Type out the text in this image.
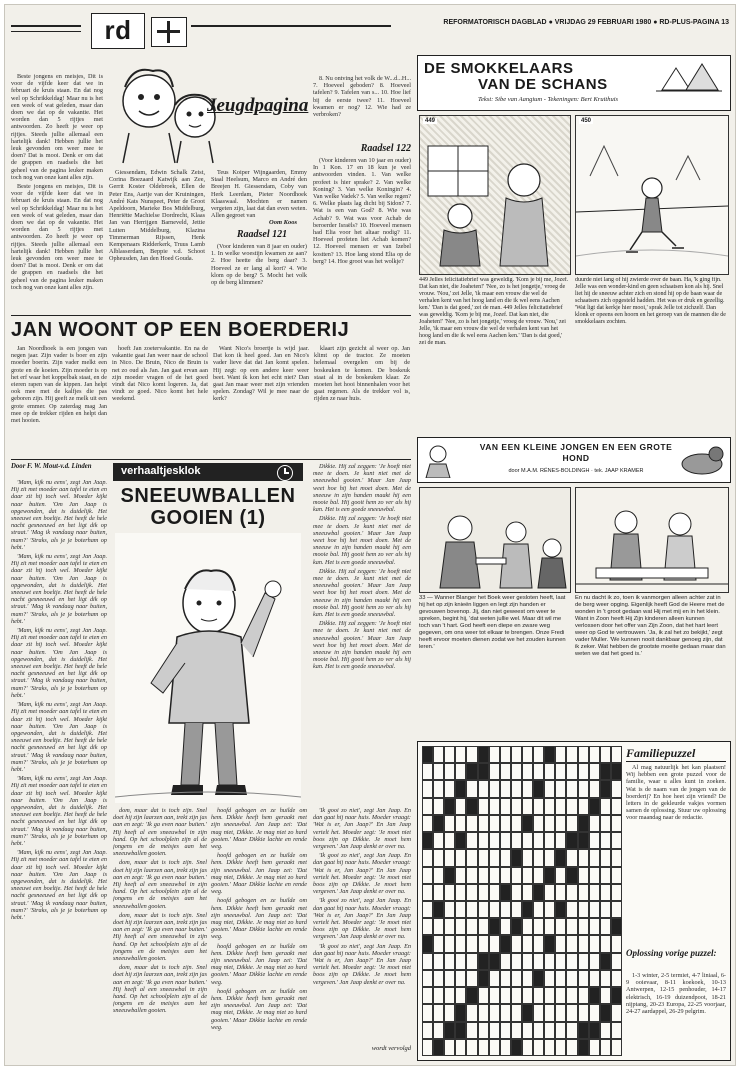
rd	REFORMATORISCH DAGBLAD ● VRIJDAG 29 FEBRUARI 1980 ● RD-PLUS-PAGINA 13

Beste jongens en meisjes, Dit is voor de vijfde keer dat we in februari de kruis staan. En dat nog wel op Schrikkeldag! Maar nu is het een week of wat geleden, maar dan doen we dat op de vakantie. Het worden dan 5 rijtjes met antwoorden. Zo heeft je weer op rijtjes. Steeds jullie allemaal een hartelijk dank! Hebben jullie het leuk gevonden om weer mee te doen? Dat is mooi. Denk er om dat de grappen en raadsels die het geheel van de pagina leuker maken toch nog van onze kant alles zijn.

Beste jongens en meisjes, Dit is voor de vijfde keer dat we in februari de kruis staan. En dat nog wel op Schrikkeldag! Maar nu is het een week of wat geleden, maar dan doen we dat op de vakantie. Het worden dan 5 rijtjes met antwoorden. Zo heeft je weer op rijtjes. Steeds jullie allemaal een hartelijk dank! Hebben jullie het leuk gevonden om weer mee te doen? Dat is mooi. Denk er om dat de grappen en raadsels die het geheel van de pagina leuker maken toch nog van onze kant alles zijn.

Jeugdpagina

Giessendam, Edwin Schalk Zeist, Corina Boezaard Katwijk aan Zee, Gerrit Koster Oldebroek, Ellen de Peter Ens, Aartje van der Kruiningen, André Kats Nunspeet, Peter de Groot Apeldoorn, Marieke Bos Middelburg, Henriëtte Machielse Dordrecht, Klaas Jan van Herrijgen Barneveld, Jettie Luiten Middelburg, Klazina Timmerman Rijssen, Henk Kempenaars Ridderkerk, Truus Lamb Alblasserdam, Beppie v.d. Schoot Opheusden, Jan den Hoed Gouda.

Teus Koiper Wijngaarden, Emmy Staal Heelsum, Marco en André den Breejen H. Giessendam, Coby van Herk Leerdam, Pieter Noordhoek Klaaswaal. Mochten er namen vergeten zijn, laat dat dan even weten. Allen gegroet van

Oom Koos
Raadsel 121

(Voor kinderen van 8 jaar en ouder) 1. In welke woestijn kwamen ze aan? 2. Hoe heette die berg daar? 3. Hoeveel ze er lang al kort? 4. Wie klom op de berg? 5. Mocht het volk op de berg klimmen?

8. Nu ontving het volk de W...d...H... 7. Hoeveel geboden? 8. Hoeveel tafelen? 9. Tafelen van s... 10. Hoe lief bij de eerste twee? 11. Hoeveel kwamen er nog? 12. Wie had ze verbroken?

Raadsel 122

(Voor kinderen van 10 jaar en ouder) In 1 Kon. 17 en 18 kun je veel antwoorden vinden. 1. Van welke profeet is hier sprake? 2. Van welke Koning? 3. Van welke Koningin? 4. Van welke Vadek? 5. Van welke regen? 6. Welke plaats lag dicht bij Sidon? 7. Wat is een van God? 8. Wie was Achab? 9. Wat was voor Achab de beroerder Israëls? 10. Hoeveel mensen had Elia voor het altaar nodig? 11. Hoeveel profeten liet Achab komen? 12. Hoeveel mensen er van Izebel kostten? 13. Hoe lang stond Elia op de berg? 14. Hoe groot was het wolkje?

DE SMOKKELAARS
VAN DE SCHANS
Tekst: Sibe van Aangium - Tekeningen: Bert Kruithuis
449	450
449 Jelles felicitatiebrief was geweldig. 'Kom je bij me, Jozef. Dat kan niet, die Joaheten!' 'Nee, zo is het jongetje,' vroeg de vrouw. 'Nou,' zei Jelle, 'ik maar een vrouw die wel de verhalen kent van het hoog land en die ik wel eens Aachen ken.' 'Dan is dat goed,' zei de man. 449 Jelles felicitatiebrief was geweldig. 'Kom je bij me, Jozef. Dat kan niet, die Joaheten!' 'Nee, zo is het jongetje,' vroeg de vrouw. 'Nou,' zei Jelle, 'ik maar een vrouw die wel de verhalen kent van het hoog land en die ik wel eens Aachen ken.' 'Dan is dat goed,' zei de man.
duurde niet lang of hij zwierde over de baan. Ha, 'k ging fijn. Jelle was een wonder-kind en geen schaatsen kon als hij. Snel liet hij de sneeuw achter zich en stond hij op de baan waar de schaatsers zich opgesteld hadden. Het was er druk en gezellig. 'Wat ligt dat kerkje hier mooi,' sprak Jelle tot zichzelf. Dan klonk er opeens een hoorn en het geroep van de mannen die de smokkelaars zochten.
JAN WOONT OP EEN BOERDERIJ

Jan Noordhoek is een jongen van negen jaar. Zijn vader is boer en zijn moeder boerin. Zijn vader melkt een grote en de koeien. Zijn moeder is op het erf waar het koppelbak staat, en de eieren rapen van de kippen. Jan helpt ook mee met de kalfjes die pas geboren zijn. Hij geeft ze melk uit een grote emmer. Op zaterdag mag Jan mee op de trekker rijden en helpt dan met hooien.

hoeft Jan zoetervakantie. En na de vakantie gaat Jan weer naar de school in Nico. De Bruin, Nico de Bruin is net zo oud als Jan. Jan gaat ervan aan zijn moeder vragen of de het goed vindt dat Nico komt logeren. Ja, dat vindt ze goed. Nico komt het hele weekend.

Want Nico's broertje is wijd jaar. Dat kon ik heel goed. Jan en Nico's vader lieve dat dat Jan komt spelen. Hij zegt: op een andere keer weer beet. Want ik kon het echt niet? Dan gaat Jan maar weer met zijn vrienden spelen. Zondag? Wil je mee naar de kerk?

klaart zijn gezicht al weer op. Jan klimt op de tractor. Ze moeten helemaal overgelen om bij de boskeuken te komen. De boskeuk staat al in de boskeuken klaar. Ze moeten het hooi binnenhalen voor het gaat regenen. Als de trekker vol is, rijden ze naar huis.

Door F. W. Mout-v.d. Linden

'Mam, kijk nu eens', zegt Jan Jaap. Hij zit met moeder aan tafel te eten en daar zit hij toch wel. Moeder kijkt naar buiten. 'Om Jan Jaap is opgewonden, dat is duidelijk. Het sneeuwt een boeltje. Het heeft de hele nacht gesneeuwd en het ligt dik op straat.' 'Mag ik vandaag naar buiten, mam?' 'Straks, als je je boterham op hebt.'

'Mam, kijk nu eens', zegt Jan Jaap. Hij zit met moeder aan tafel te eten en daar zit hij toch wel. Moeder kijkt naar buiten. 'Om Jan Jaap is opgewonden, dat is duidelijk. Het sneeuwt een boeltje. Het heeft de hele nacht gesneeuwd en het ligt dik op straat.' 'Mag ik vandaag naar buiten, mam?' 'Straks, als je je boterham op hebt.'

'Mam, kijk nu eens', zegt Jan Jaap. Hij zit met moeder aan tafel te eten en daar zit hij toch wel. Moeder kijkt naar buiten. 'Om Jan Jaap is opgewonden, dat is duidelijk. Het sneeuwt een boeltje. Het heeft de hele nacht gesneeuwd en het ligt dik op straat.' 'Mag ik vandaag naar buiten, mam?' 'Straks, als je je boterham op hebt.'

'Mam, kijk nu eens', zegt Jan Jaap. Hij zit met moeder aan tafel te eten en daar zit hij toch wel. Moeder kijkt naar buiten. 'Om Jan Jaap is opgewonden, dat is duidelijk. Het sneeuwt een boeltje. Het heeft de hele nacht gesneeuwd en het ligt dik op straat.' 'Mag ik vandaag naar buiten, mam?' 'Straks, als je je boterham op hebt.'

'Mam, kijk nu eens', zegt Jan Jaap. Hij zit met moeder aan tafel te eten en daar zit hij toch wel. Moeder kijkt naar buiten. 'Om Jan Jaap is opgewonden, dat is duidelijk. Het sneeuwt een boeltje. Het heeft de hele nacht gesneeuwd en het ligt dik op straat.' 'Mag ik vandaag naar buiten, mam?' 'Straks, als je je boterham op hebt.'

'Mam, kijk nu eens', zegt Jan Jaap. Hij zit met moeder aan tafel te eten en daar zit hij toch wel. Moeder kijkt naar buiten. 'Om Jan Jaap is opgewonden, dat is duidelijk. Het sneeuwt een boeltje. Het heeft de hele nacht gesneeuwd en het ligt dik op straat.' 'Mag ik vandaag naar buiten, mam?' 'Straks, als je je boterham op hebt.'

verhaaltjesklok
SNEEUWBALLEN GOOIEN (1)

Dikkie. Hij zal zeggen: 'Je hoeft niet mee te doen. Je kunt niet met de sneeuwbal gooien.' Maar Jan Jaap weet hoe hij het moet doen. Met de sneeuw in zijn handen maakt hij een mooie bal. Hij gooit hem zo ver als hij kan. Het is een goede sneeuwbal.

Dikkie. Hij zal zeggen: 'Je hoeft niet mee te doen. Je kunt niet met de sneeuwbal gooien.' Maar Jan Jaap weet hoe hij het moet doen. Met de sneeuw in zijn handen maakt hij een mooie bal. Hij gooit hem zo ver als hij kan. Het is een goede sneeuwbal.

Dikkie. Hij zal zeggen: 'Je hoeft niet mee te doen. Je kunt niet met de sneeuwbal gooien.' Maar Jan Jaap weet hoe hij het moet doen. Met de sneeuw in zijn handen maakt hij een mooie bal. Hij gooit hem zo ver als hij kan. Het is een goede sneeuwbal.

Dikkie. Hij zal zeggen: 'Je hoeft niet mee te doen. Je kunt niet met de sneeuwbal gooien.' Maar Jan Jaap weet hoe hij het moet doen. Met de sneeuw in zijn handen maakt hij een mooie bal. Hij gooit hem zo ver als hij kan. Het is een goede sneeuwbal.

dom, maar dat is toch zijn. Snel doet hij zijn laarzen aan, trekt zijn jas aan en zegt: 'Ik ga even naar buiten.' Hij heeft al een sneeuwbal in zijn hand. Op het schoolplein zijn al de jongens en de meisjes aan het sneeuwballen gooien.

dom, maar dat is toch zijn. Snel doet hij zijn laarzen aan, trekt zijn jas aan en zegt: 'Ik ga even naar buiten.' Hij heeft al een sneeuwbal in zijn hand. Op het schoolplein zijn al de jongens en de meisjes aan het sneeuwballen gooien.

dom, maar dat is toch zijn. Snel doet hij zijn laarzen aan, trekt zijn jas aan en zegt: 'Ik ga even naar buiten.' Hij heeft al een sneeuwbal in zijn hand. Op het schoolplein zijn al de jongens en de meisjes aan het sneeuwballen gooien.

dom, maar dat is toch zijn. Snel doet hij zijn laarzen aan, trekt zijn jas aan en zegt: 'Ik ga even naar buiten.' Hij heeft al een sneeuwbal in zijn hand. Op het schoolplein zijn al de jongens en de meisjes aan het sneeuwballen gooien.

hoofd gebogen en ze huilde om hem. Dikkie heeft hem geraakt met zijn sneeuwbal. Jan Jaap zei: 'Dat mag niet, Dikkie. Je mag niet zo hard gooien.' Maar Dikkie lachte en rende weg.

hoofd gebogen en ze huilde om hem. Dikkie heeft hem geraakt met zijn sneeuwbal. Jan Jaap zei: 'Dat mag niet, Dikkie. Je mag niet zo hard gooien.' Maar Dikkie lachte en rende weg.

hoofd gebogen en ze huilde om hem. Dikkie heeft hem geraakt met zijn sneeuwbal. Jan Jaap zei: 'Dat mag niet, Dikkie. Je mag niet zo hard gooien.' Maar Dikkie lachte en rende weg.

hoofd gebogen en ze huilde om hem. Dikkie heeft hem geraakt met zijn sneeuwbal. Jan Jaap zei: 'Dat mag niet, Dikkie. Je mag niet zo hard gooien.' Maar Dikkie lachte en rende weg.

hoofd gebogen en ze huilde om hem. Dikkie heeft hem geraakt met zijn sneeuwbal. Jan Jaap zei: 'Dat mag niet, Dikkie. Je mag niet zo hard gooien.' Maar Dikkie lachte en rende weg.

'Ik gooi zo niet', zegt Jan Jaap. En dan gaat hij naar huis. Moeder vraagt: 'Wat is er, Jan Jaap?' En Jan Jaap vertelt het. Moeder zegt: 'Je moet niet boos zijn op Dikkie. Je moet hem vergeven.' Jan Jaap denkt er over na.

'Ik gooi zo niet', zegt Jan Jaap. En dan gaat hij naar huis. Moeder vraagt: 'Wat is er, Jan Jaap?' En Jan Jaap vertelt het. Moeder zegt: 'Je moet niet boos zijn op Dikkie. Je moet hem vergeven.' Jan Jaap denkt er over na.

'Ik gooi zo niet', zegt Jan Jaap. En dan gaat hij naar huis. Moeder vraagt: 'Wat is er, Jan Jaap?' En Jan Jaap vertelt het. Moeder zegt: 'Je moet niet boos zijn op Dikkie. Je moet hem vergeven.' Jan Jaap denkt er over na.

'Ik gooi zo niet', zegt Jan Jaap. En dan gaat hij naar huis. Moeder vraagt: 'Wat is er, Jan Jaap?' En Jan Jaap vertelt het. Moeder zegt: 'Je moet niet boos zijn op Dikkie. Je moet hem vergeven.' Jan Jaap denkt er over na.

wordt vervolgd
VAN EEN KLEINE JONGEN EN EEN GROTE HOND
door M.A.M. RÉNES-BOLDINGH · tek. JAAP KRAMER
33 — Wanner Blanger het Boek weer gesloten heeft, laat hij het op zijn knieën liggen en legt zijn handen er gevouwen bovenop. Jij, dan niet geweest om weer te spreken, begint hij, 'dat weten jullie wel. Maar dit wil me toch van 't hart. God heeft een diepe en zware weg gegeven, om ons weer tot elkaar te brengen. Onze Fredi heeft ervoor moeten dienen zodat we het zouden kunnen leren.'
En nu dacht ik zo, toen ik vanmorgen alleen achter zat in de berg weer opging. Eigenlijk heeft God de Heere met de wonden in 't groot gedaan wat Hij met mij en in het klein. Want in Zoon heeft Hij Zijn kinderen alleen kunnen verlossen door het offer van Zijn Zoon, dat het hart leert weer op God te vertrouwen. 'Ja, ik zal het zo bekijkt,' zegt vader Muller. 'We kunnen nooit dankbaar genoeg zijn, dat ik zeker. Wat hebben de grootste moeite gedaan maar dan weten we dat het goed is.'
Familiepuzzel

Al mag natuurlijk het kan plaatsen! Wij hebben een grote puzzel voor de familie, waar u alles kunt in zoeken. Wat is de naam van de jongen van de boerderij? En hoe heet zijn vriend? De letters in de gekleurde vakjes vormen samen de oplossing. Stuur uw oplossing voor maandag naar de redactie.

Oplossing vorige puzzel:

1-3 winter, 2-5 termiet, 4-7 liniaal, 6-9 ooievaar, 8-11 koekoek, 10-13 Antwerpen, 12-15 penhouder, 14-17 elektrisch, 16-19 duizendpoot, 18-21 nijptang, 20-23 Europa, 22-25 voorjaar, 24-27 aardappel, 26-29 pelgrim.
